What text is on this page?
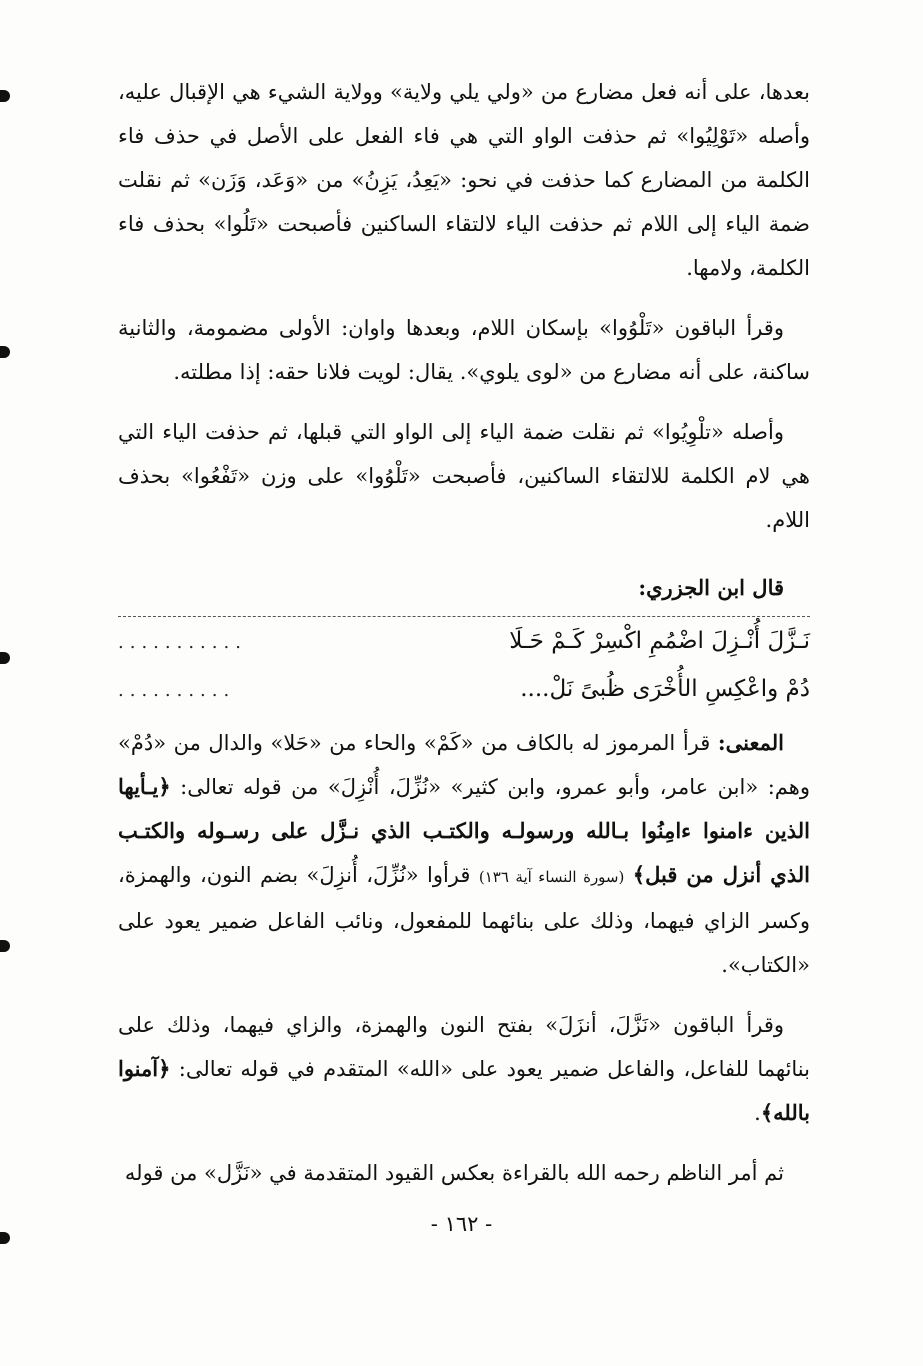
بعدها، على أنه فعل مضارع من «ولي يلي ولاية» وولاية الشيء هي الإقبال عليه، وأصله «تَوْلِيُوا» ثم حذفت الواو التي هي فاء الفعل على الأصل في حذف فاء الكلمة من المضارع كما حذفت في نحو: «يَعِدُ، يَزِنُ» من «وَعَد، وَزَن» ثم نقلت ضمة الياء إلى اللام ثم حذفت الياء لالتقاء الساكنين فأصبحت «تَلُوا» بحذف فاء الكلمة، ولامها.

وقرأ الباقون «تَلْوُوا» بإسكان اللام، وبعدها واوان: الأولى مضمومة، والثانية ساكنة، على أنه مضارع من «لوى يلوي». يقال: لويت فلانا حقه: إذا مطلته.

وأصله «تلْوِيُوا» ثم نقلت ضمة الياء إلى الواو التي قبلها، ثم حذفت الياء التي هي لام الكلمة للالتقاء الساكنين، فأصبحت «تَلْوُوا» على وزن «تَفْعُوا» بحذف اللام.

قال ابن الجزري:
نَـزَّلَ أُنْـزِلَ اضْمُمِ اكْسِرْ كَـمْ حَـلَا
...........
دُمْ واعْكِسِ الأُخْرَى ظُبىً نَلْ....
..........

المعنى: قرأ المرموز له بالكاف من «كَمْ» والحاء من «حَلا» والدال من «دُمْ» وهم: «ابن عامر، وأبو عمرو، وابن كثير» «نُزِّلَ، أُنْزِلَ» من قوله تعالى: ﴿يـأيها الذين ءامنوا ءامِنُوا بـالله ورسولـه والكتـب الذي نـزَّل على رسـوله والكتـب الذي أنزل من قبل﴾ (سورة النساء آية ١٣٦) قرأوا «نُزِّلَ، أُنزِلَ» بضم النون، والهمزة، وكسر الزاي فيهما، وذلك على بنائهما للمفعول، ونائب الفاعل ضمير يعود على «الكتاب».

وقرأ الباقون «نَزَّلَ، أنزَلَ» بفتح النون والهمزة، والزاي فيهما، وذلك على بنائهما للفاعل، والفاعل ضمير يعود على «الله» المتقدم في قوله تعالى: ﴿آمنوا بالله﴾.

ثم أمر الناظم رحمه الله بالقراءة بعكس القيود المتقدمة في «نَزَّل» من قوله

- ١٦٢ -
